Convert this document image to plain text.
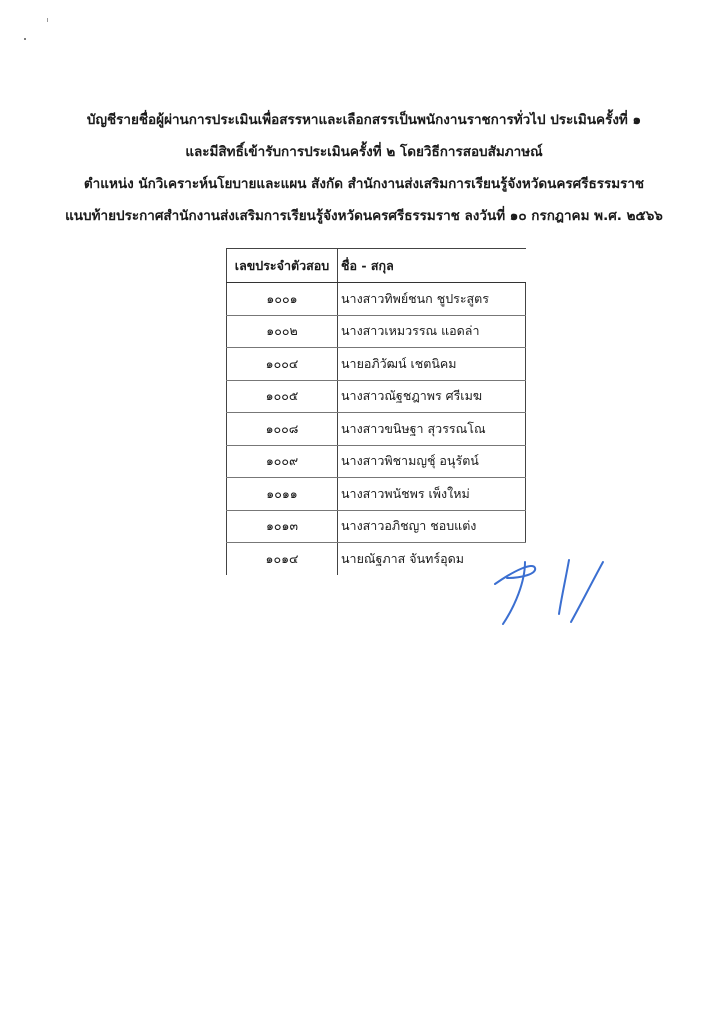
บัญชีรายชื่อผู้ผ่านการประเมินเพื่อสรรหาและเลือกสรรเป็นพนักงานราชการทั่วไป ประเมินครั้งที่ ๑
และมีสิทธิ์เข้ารับการประเมินครั้งที่ ๒ โดยวิธีการสอบสัมภาษณ์
ตำแหน่ง นักวิเคราะห์นโยบายและแผน สังกัด สำนักงานส่งเสริมการเรียนรู้จังหวัดนครศรีธรรมราช
แนบท้ายประกาศสำนักงานส่งเสริมการเรียนรู้จังหวัดนครศรีธรรมราช ลงวันที่ ๑๐ กรกฎาคม พ.ศ. ๒๕๖๖
เลขประจำตัวสอบ	ชื่อ - สกุล
๑๐๐๑	นางสาวทิพย์ชนก ชูประสูตร
๑๐๐๒	นางสาวเหมวรรณ แอดล่า
๑๐๐๔	นายอภิวัฒน์ เชตนิคม
๑๐๐๕	นางสาวณัฐชฎาพร ศรีเมฆ
๑๐๐๘	นางสาวขนิษฐา สุวรรณโณ
๑๐๐๙	นางสาวพิชามญชุ์ อนุรัตน์
๑๐๑๑	นางสาวพนัชพร เพ็งใหม่
๑๐๑๓	นางสาวอภิชญา ชอบแต่ง
๑๐๑๔	นายณัฐภาส จันทร์อุดม
